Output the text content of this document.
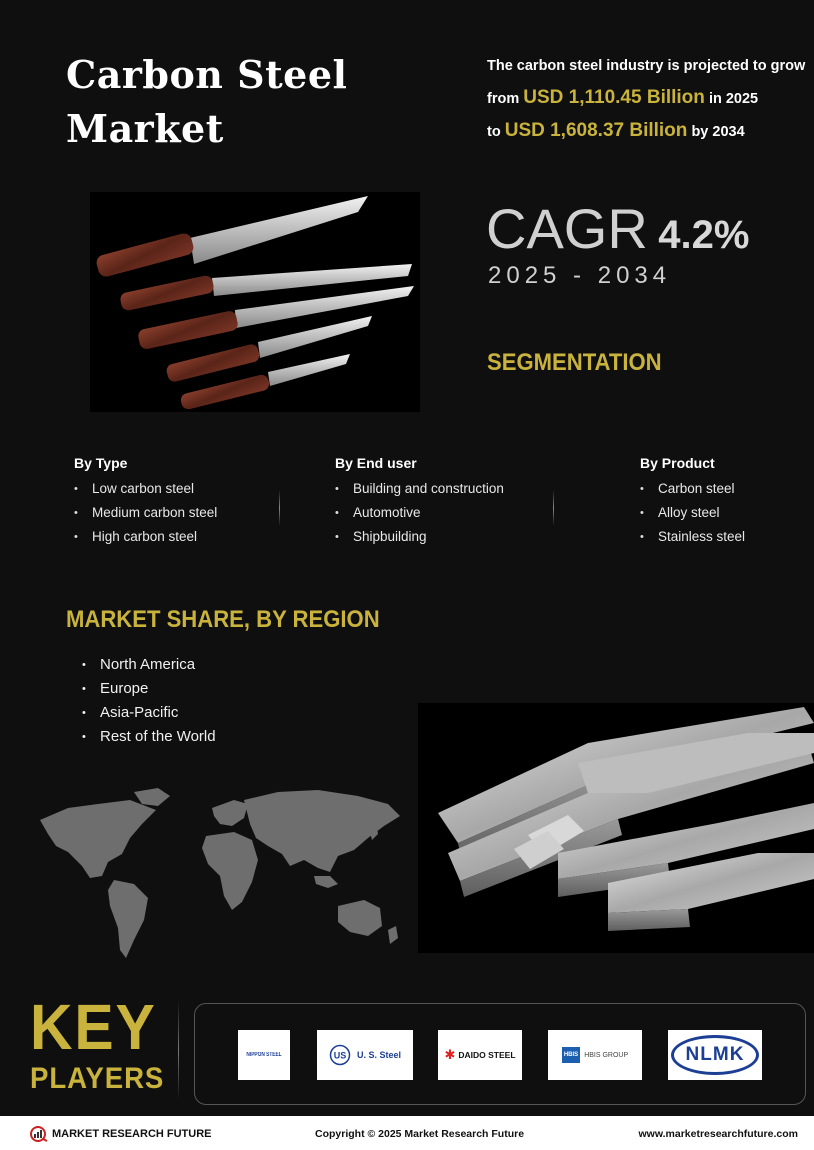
Carbon Steel
Market
The carbon steel industry is projected to grow
from USD 1,110.45 Billion in 2025
to USD 1,608.37 Billion by 2034
CAGR 4.2%
2025 - 2034
SEGMENTATION
By Type
• Low carbon steel
• Medium carbon steel
• High carbon steel
By End user
• Building and construction
• Automotive
• Shipbuilding
By Product
• Carbon steel
• Alloy steel
• Stainless steel
MARKET SHARE, BY REGION
• North America
• Europe
• Asia-Pacific
• Rest of the World
KEY
PLAYERS
NIPPON STEEL	US U. S. Steel	✱ DAIDO STEEL	HBIS HBIS GROUP	NLMK
MARKET RESEARCH FUTURE	Copyright © 2025 Market Research Future	www.marketresearchfuture.com
